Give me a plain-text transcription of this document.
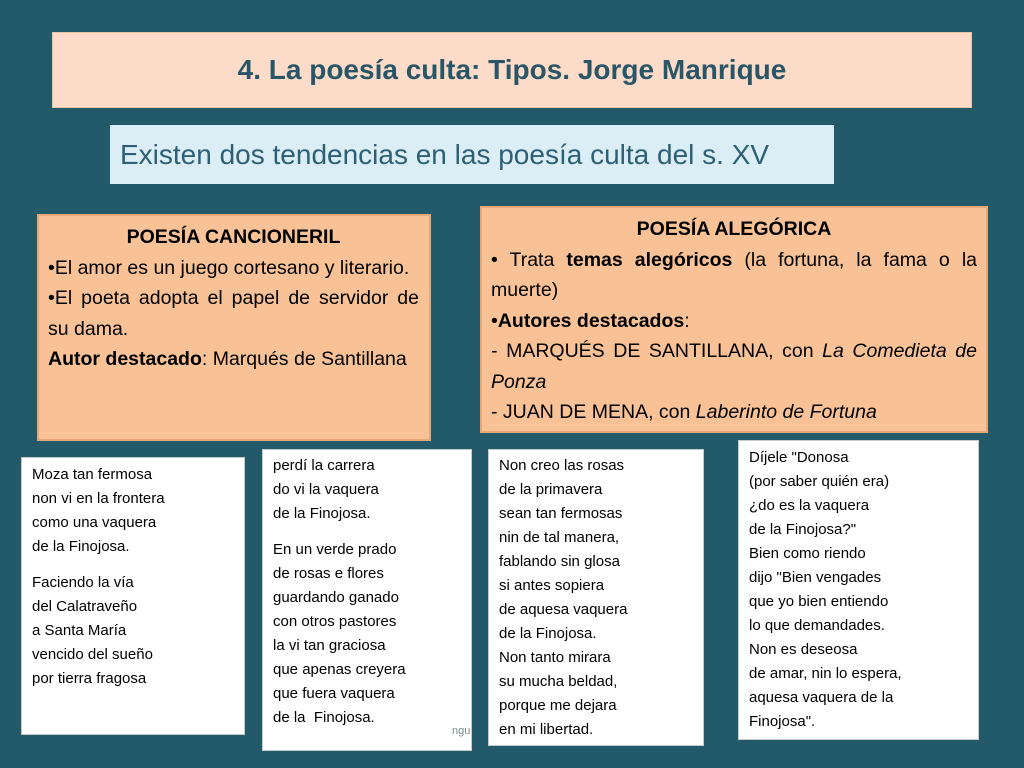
4. La poesía culta: Tipos. Jorge Manrique
Existen dos tendencias en las poesía culta del s. XV
POESÍA CANCIONERIL

•El amor es un juego cortesano y literario.

•El poeta adopta el papel de servidor de su dama.

Autor destacado: Marqués de Santillana

POESÍA ALEGÓRICA

• Trata temas alegóricos (la fortuna, la fama o la muerte)

•Autores destacados:

- MARQUÉS DE SANTILLANA, con La Comedieta de Ponza

- JUAN DE MENA, con Laberinto de Fortuna

Moza tan fermosa
non vi en la frontera
como una vaquera
de la Finojosa.
Faciendo la vía
del Calatraveño
a Santa María
vencido del sueño
por tierra fragosa
perdí la carrera
do vi la vaquera
de la Finojosa.
En un verde prado
de rosas e flores
guardando ganado
con otros pastores
la vi tan graciosa
que apenas creyera
que fuera vaquera
de la  Finojosa.
Non creo las rosas
de la primavera
sean tan fermosas
nin de tal manera,
fablando sin glosa
si antes sopiera
de aquesa vaquera
de la Finojosa.
Non tanto mirara
su mucha beldad,
porque me dejara
en mi libertad.
Díjele "Donosa
(por saber quién era)
¿do es la vaquera
de la Finojosa?"
Bien como riendo
dijo "Bien vengades
que yo bien entiendo
lo que demandades.
Non es deseosa
de amar, nin lo espera,
aquesa vaquera de la
Finojosa".
ngu
